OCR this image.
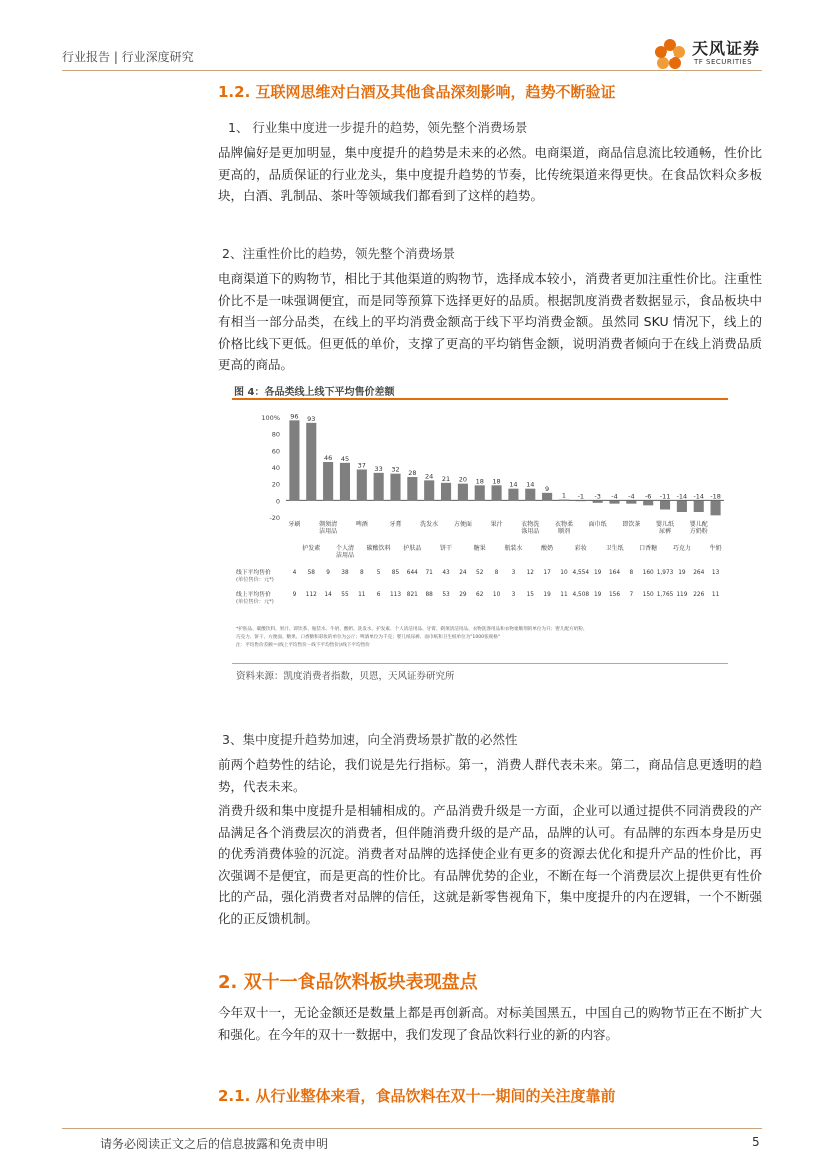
行业报告 | 行业深度研究	天风证券
TF SECURITIES
1.2. 互联网思维对白酒及其他食品深刻影响，趋势不断验证
1、 行业集中度进一步提升的趋势，领先整个消费场景
品牌偏好是更加明显，集中度提升的趋势是未来的必然。电商渠道，商品信息流比较通畅，性价比更高的，品质保证的行业龙头，集中度提升趋势的节奏，比传统渠道来得更快。在食品饮料众多板块，白酒、乳制品、茶叶等领域我们都看到了这样的趋势。
2、注重性价比的趋势，领先整个消费场景
电商渠道下的购物节，相比于其他渠道的购物节，选择成本较小，消费者更加注重性价比。注重性价比不是一味强调便宜，而是同等预算下选择更好的品质。根据凯度消费者数据显示，食品板块中有相当一部分品类，在线上的平均消费金额高于线下平均消费金额。虽然同 SKU 情况下，线上的价格比线下更低。但更低的单价，支撑了更高的平均销售金额，说明消费者倾向于在线上消费品质更高的商品。
图 4：各品类线上线下平均售价差额
100%
80
60
40
20
0
-20
96
牙刷
93
护发素
46
剃须清
洁用品
45
个人清
洁用品
37
啤酒
33
碳酸饮料
32
牙膏
28
护肤品
24
洗发水
21
饼干
20
方便面
18
糖果
18
果汁
14
瓶装水
14
衣物洗
涤用品
9
酸奶
1
衣物柔
顺剂
-1
彩妆
-3
面巾纸
-4
卫生纸
-4
即饮茶
-6
口香糖
-11
婴儿纸
尿裤
-14
巧克力
-14
婴儿配
方奶粉
-18
牛奶
线下平均售价
(单位售价：元*)
线上平均售价
(单位售价：元*)
4 58 9 38 8 5 85 644 71 43 24 52 8 3 12 17 10 4,554 19 164 8 160 1,973 19 264 13
9 112 14 55 11 6 113 821 88 53 29 62 10 3 15 19 11 4,508 19 156 7 150 1,765 119 226 11
*护肤品、碳酸饮料、果汁、即饮茶、瓶装水、牛奶、酸奶、洗发水、护发素、个人清洁用品、牙膏、剃须清洁用品、衣物洗涤用品和衣物柔顺剂的单位为升；婴儿配方奶粉、
巧克力、饼干、方便面、糖果、口香糖和彩妆的单位为公斤；啤酒单位为千克；婴儿纸尿裤、面巾纸和卫生纸单位为"1000张规格"
注：平均售价差额＝(线上平均售价－线下平均售价)/线下平均售价
资料来源：凯度消费者指数，贝恩，天风证券研究所
3、集中度提升趋势加速，向全消费场景扩散的必然性
前两个趋势性的结论，我们说是先行指标。第一，消费人群代表未来。第二，商品信息更透明的趋势，代表未来。
消费升级和集中度提升是相辅相成的。产品消费升级是一方面，企业可以通过提供不同消费段的产品满足各个消费层次的消费者，但伴随消费升级的是产品，品牌的认可。有品牌的东西本身是历史的优秀消费体验的沉淀。消费者对品牌的选择使企业有更多的资源去优化和提升产品的性价比，再次强调不是便宜，而是更高的性价比。有品牌优势的企业，不断在每一个消费层次上提供更有性价比的产品，强化消费者对品牌的信任，这就是新零售视角下，集中度提升的内在逻辑，一个不断强化的正反馈机制。
2. 双十一食品饮料板块表现盘点
今年双十一，无论金额还是数量上都是再创新高。对标美国黑五，中国自己的购物节正在不断扩大和强化。在今年的双十一数据中，我们发现了食品饮料行业的新的内容。
2.1. 从行业整体来看，食品饮料在双十一期间的关注度靠前
请务必阅读正文之后的信息披露和免责申明	5
